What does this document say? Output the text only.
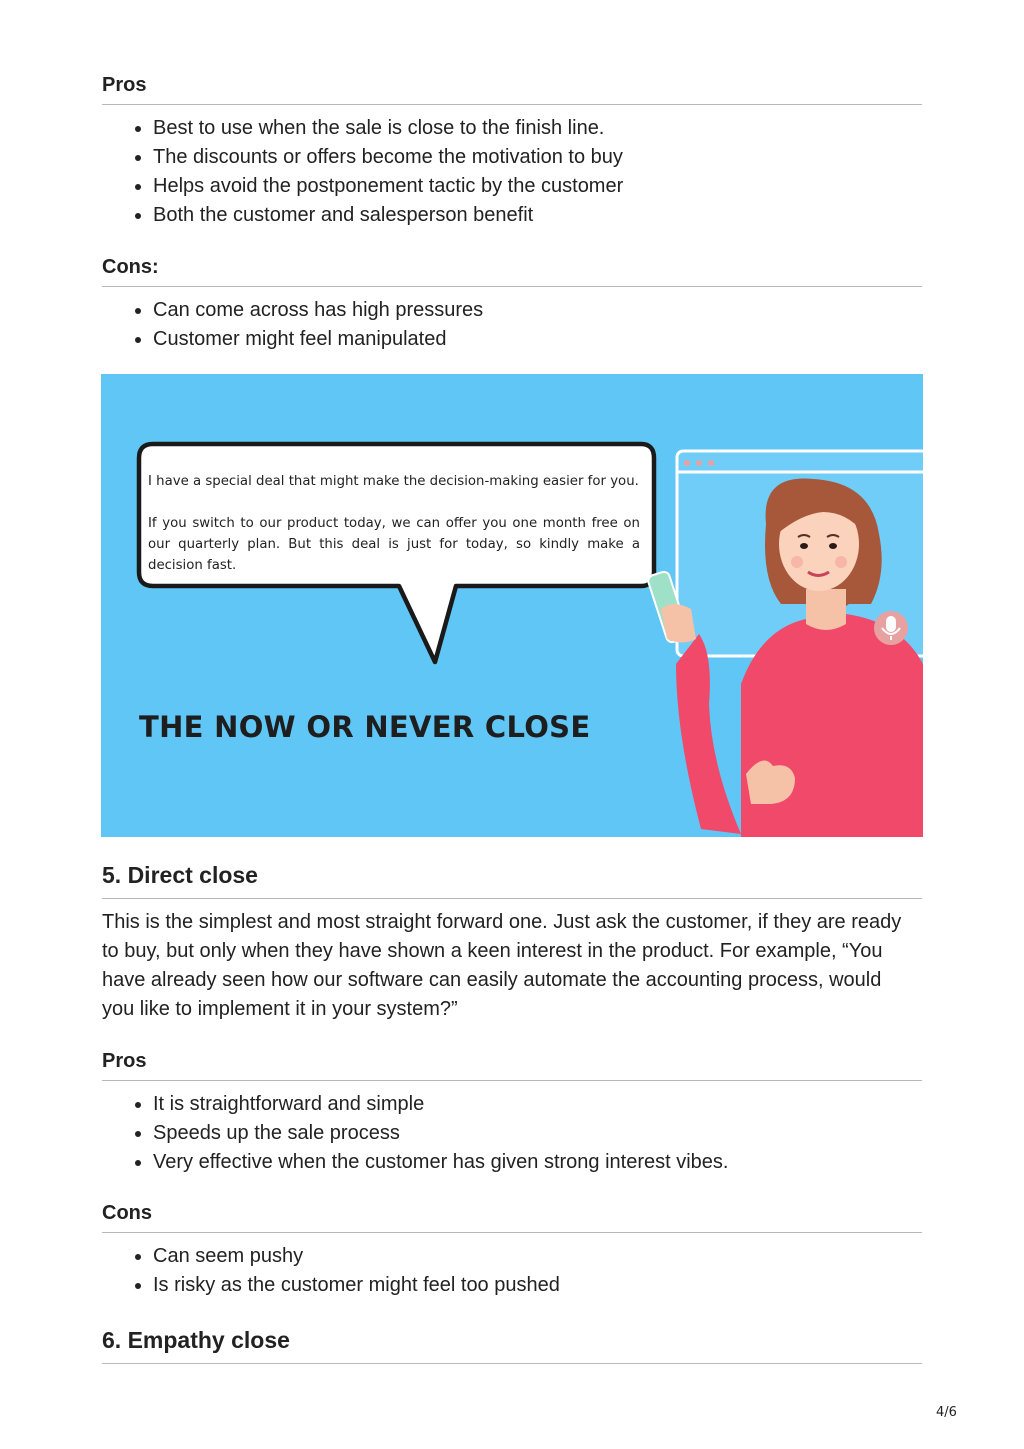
Pros
Best to use when the sale is close to the finish line.
The discounts or offers become the motivation to buy
Helps avoid the postponement tactic by the customer
Both the customer and salesperson benefit
Cons:
Can come across has high pressures
Customer might feel manipulated
5. Direct close

This is the simplest and most straight forward one. Just ask the customer, if they are ready to buy, but only when they have shown a keen interest in the product. For example, “You have already seen how our software can easily automate the accounting process, would you like to implement it in your system?”

Pros
It is straightforward and simple
Speeds up the sale process
Very effective when the customer has given strong interest vibes.
Cons
Can seem pushy
Is risky as the customer might feel too pushed
6. Empathy close

I have a special deal that might make the decision-making easier for you.

If you switch to our product today, we can offer you one month free on our quarterly plan. But this deal is just for today, so kindly make a decision fast.

THE NOW OR NEVER CLOSE
4/6
